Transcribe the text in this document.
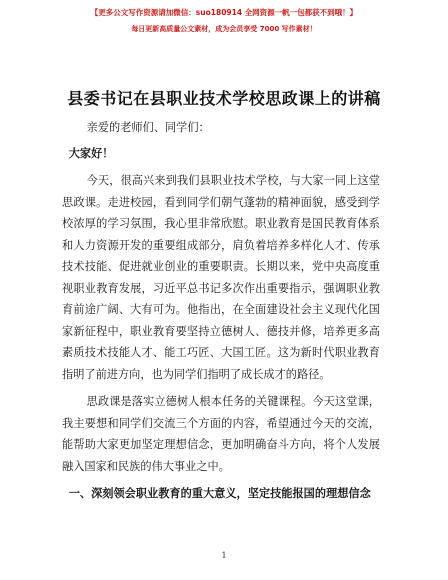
【更多公文写作资源请加微信：suo180914 全网资源一帆一包都获不到哦！】
每日更新高质量公文素材，成为会员享受 7000 写作素材！
县委书记在县职业技术学校思政课上的讲稿

亲爱的老师们、同学们：

大家好！

今天，很高兴来到我们县职业技术学校，与大家一同上这堂思政课。走进校园，看到同学们朝气蓬勃的精神面貌，感受到学校浓厚的学习氛围，我心里非常欣慰。职业教育是国民教育体系和人力资源开发的重要组成部分，肩负着培养多样化人才、传承技术技能、促进就业创业的重要职责。长期以来，党中央高度重视职业教育发展，习近平总书记多次作出重要指示，强调职业教育前途广阔、大有可为。他指出，在全面建设社会主义现代化国家新征程中，职业教育要坚持立德树人、德技并修，培养更多高素质技术技能人才、能工巧匠、大国工匠。这为新时代职业教育指明了前进方向，也为同学们指明了成长成才的路径。

思政课是落实立德树人根本任务的关键课程。今天这堂课，我主要想和同学们交流三个方面的内容，希望通过今天的交流，能帮助大家更加坚定理想信念，更加明确奋斗方向，将个人发展融入国家和民族的伟大事业之中。

一、深刻领会职业教育的重大意义，坚定技能报国的理想信念

1
